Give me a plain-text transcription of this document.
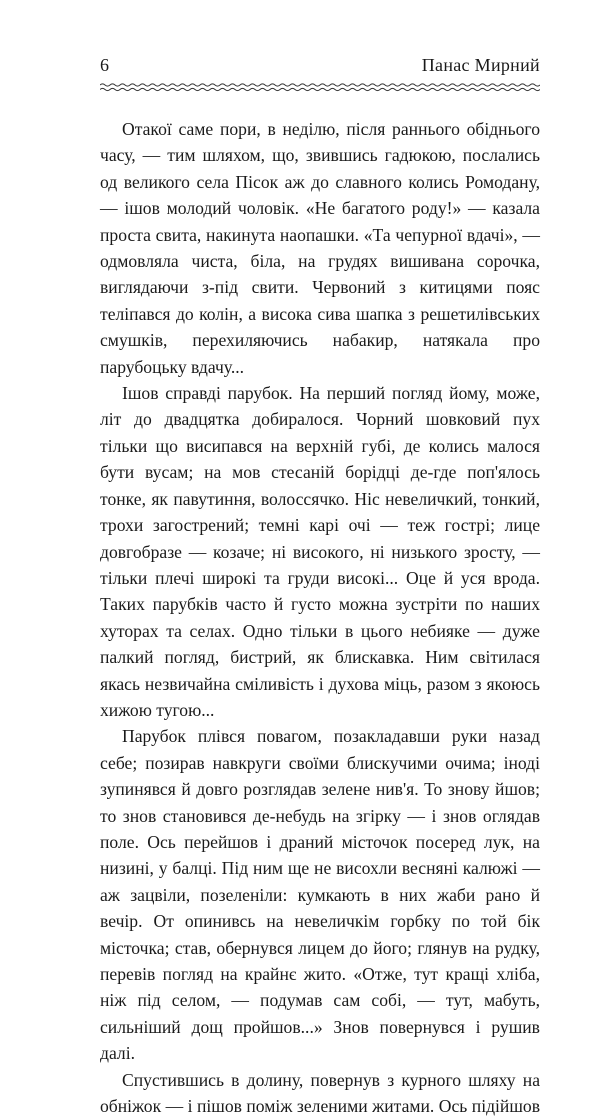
6	Панас Мирний

Отакої саме пори, в неділю, після раннього обіднього часу, — тим шляхом, що, звившись гадюкою, послались од великого села Пісок аж до славного колись Ромодану, — ішов молодий чоловік. «Не багатого роду!» — казала проста свита, накинута наопашки. «Та чепурної вдачі», — одмовляла чиста, біла, на грудях вишивана сорочка, виглядаючи з-під свити. Червоний з китицями пояс теліпався до колін, а висока сива шапка з решетилівських смушків, перехиляючись набакир, натякала про парубоцьку вдачу...

Ішов справді парубок. На перший погляд йому, може, літ до двадцятка добиралося. Чорний шовковий пух тільки що висипався на верхній губі, де колись малося бути вусам; на мов стесаній борідці де-где поп'ялось тонке, як павутиння, волоссячко. Ніс невеличкий, тонкий, трохи загострений; темні карі очі — теж гострі; лице довгобразе — козаче; ні високого, ні низького зросту, — тільки плечі широкі та груди високі... Оце й уся врода. Таких парубків часто й густо можна зустріти по наших хуторах та селах. Одно тільки в цього небияке — дуже палкий погляд, бистрий, як блискавка. Ним світилася якась незвичайна сміливість і духова міць, разом з якоюсь хижою тугою...

Парубок плівся повагом, позакладавши руки назад себе; позирав навкруги своїми блискучими очима; іноді зупинявся й довго розглядав зелене нив'я. То знову йшов; то знов становився де-небудь на згірку — і знов оглядав поле. Ось перейшов і драний місточок посеред лук, на низині, у балці. Під ним ще не висохли весняні калюжі — аж зацвіли, позеленіли: кумкають в них жаби рано й вечір. От опинивсь на невеличкім горбку по той бік місточка; став, обернувся лицем до його; глянув на рудку, перевів погляд на крайнє жито. «Отже, тут кращі хліба, ніж під селом, — подумав сам собі, — тут, мабуть, сильніший дощ пройшов...» Знов повернувся і рушив далі.

Спустившись в долину, повернув з курного шляху на обніжок — і пішов поміж зеленими житами. Ось підійшов
